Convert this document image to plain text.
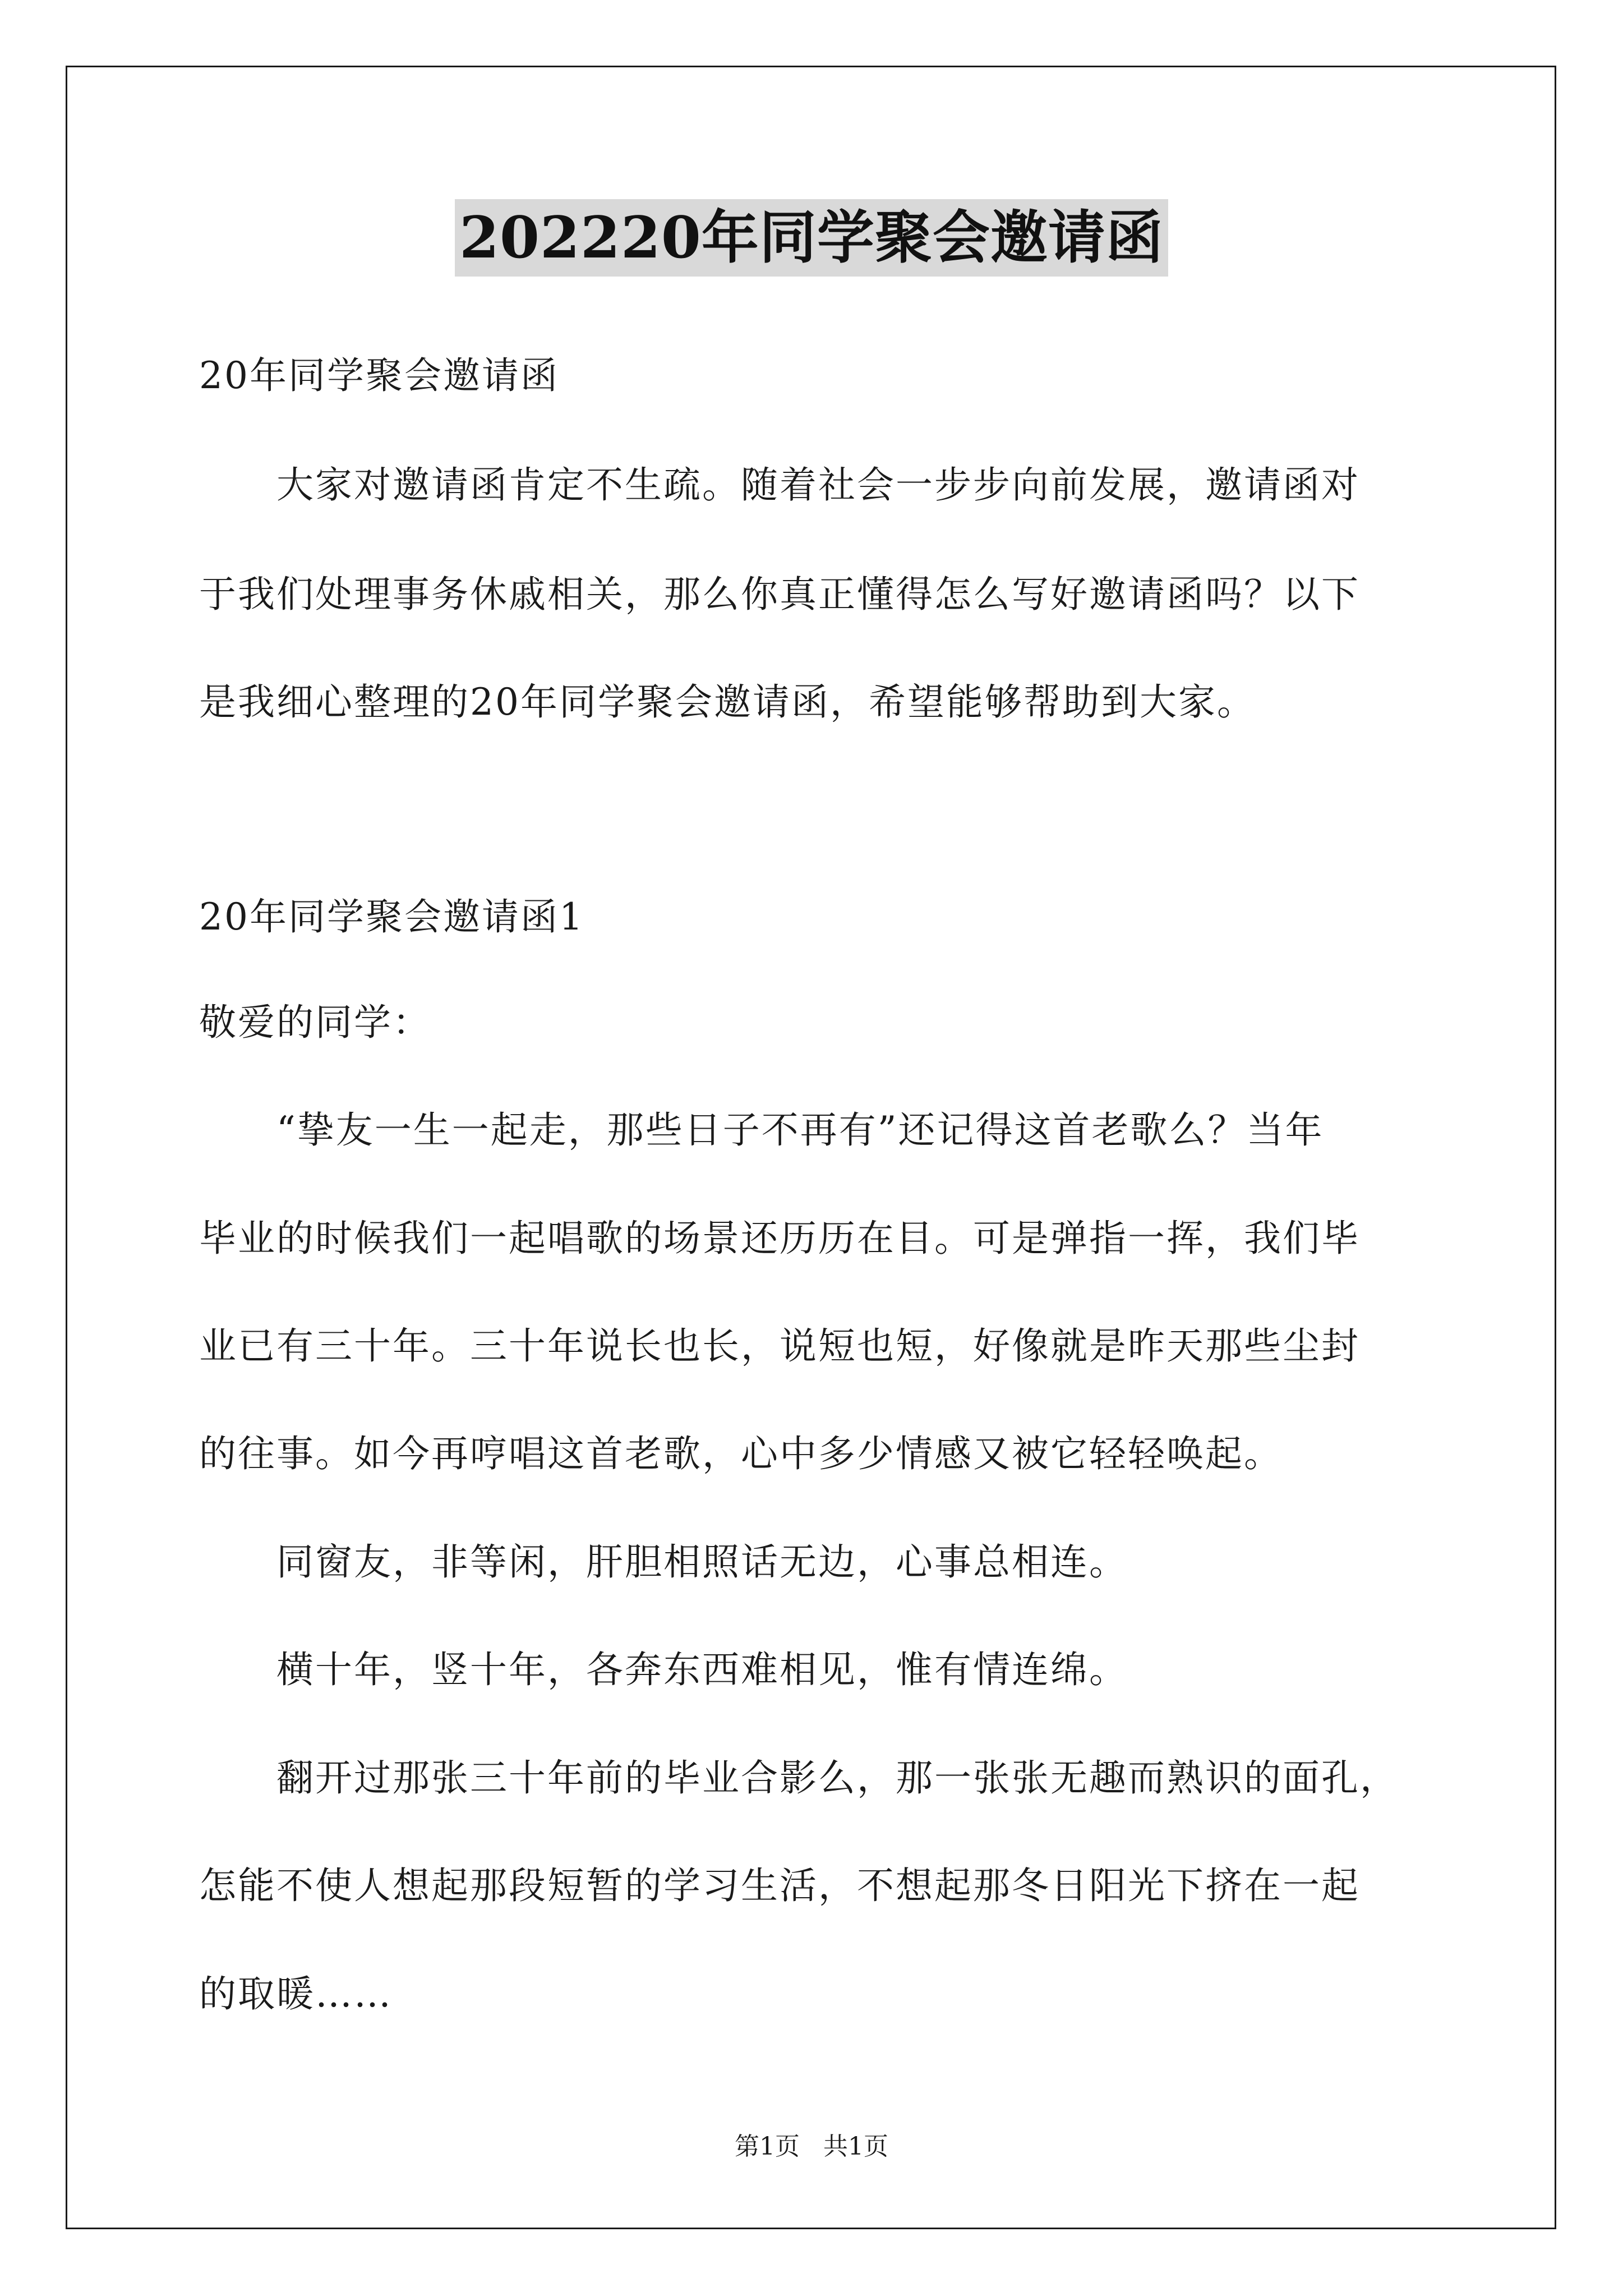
202220年同学聚会邀请函
20年同学聚会邀请函
　　大家对邀请函肯定不生疏。随着社会一步步向前发展，邀请函对
于我们处理事务休戚相关，那么你真正懂得怎么写好邀请函吗？以下
是我细心整理的20年同学聚会邀请函，希望能够帮助到大家。
20年同学聚会邀请函1
敬爱的同学：
　　“挚友一生一起走，那些日子不再有”还记得这首老歌么？当年
毕业的时候我们一起唱歌的场景还历历在目。可是弹指一挥，我们毕
业已有三十年。三十年说长也长，说短也短，好像就是昨天那些尘封
的往事。如今再哼唱这首老歌，心中多少情感又被它轻轻唤起。
　　同窗友，非等闲，肝胆相照话无边，心事总相连。
　　横十年，竖十年，各奔东西难相见，惟有情连绵。
　　翻开过那张三十年前的毕业合影么，那一张张无趣而熟识的面孔，
怎能不使人想起那段短暂的学习生活，不想起那冬日阳光下挤在一起
的取暖……
第1页 共1页
